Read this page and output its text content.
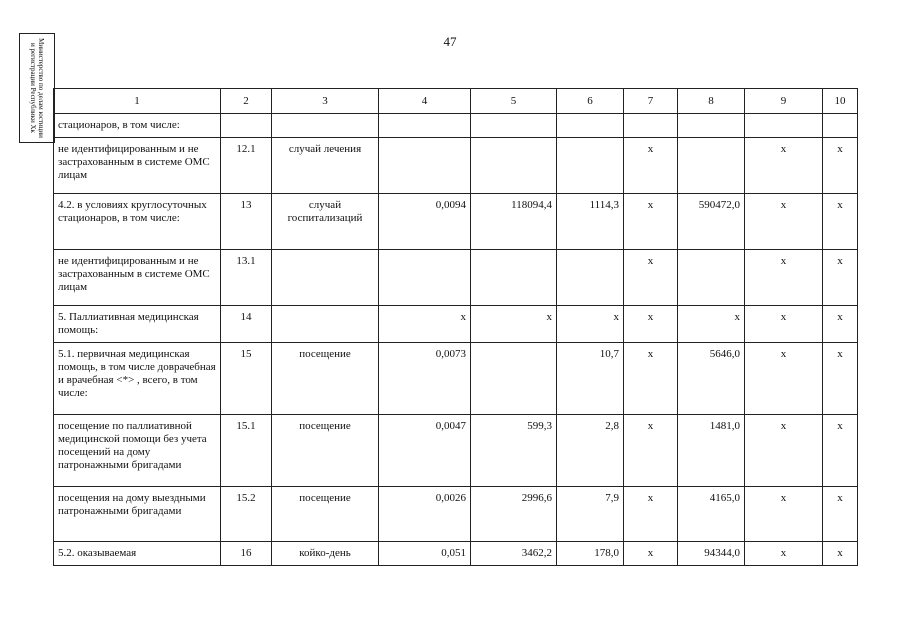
47
Министерство по делам юстиции и регистрации Республики Хк	1	2	3	4	5	6	7	8	9	10
стационаров, в том числе:									
не идентифицированным и не застрахованным в системе ОМС лицам	12.1	случай лечения				x		x	x
4.2. в условиях круглосуточных стационаров, в том числе:	13	случай госпитализаций	0,0094	118094,4	1114,3	x	590472,0	x	x
не идентифицированным и не застрахованным в системе ОМС лицам	13.1					x		x	x
5. Паллиативная медицинская помощь:	14		x	x	x	x	x	x	x
5.1. первичная медицинская помощь, в том числе доврачебная и врачебная <*> , всего, в том числе:	15	посещение	0,0073		10,7	x	5646,0	x	x
посещение по паллиативной медицинской помощи без учета посещений на дому патронажными бригадами	15.1	посещение	0,0047	599,3	2,8	x	1481,0	x	x
посещения на дому выездными патронажными бригадами	15.2	посещение	0,0026	2996,6	7,9	x	4165,0	x	x
5.2. оказываемая	16	койко-день	0,051	3462,2	178,0	x	94344,0	x	x
